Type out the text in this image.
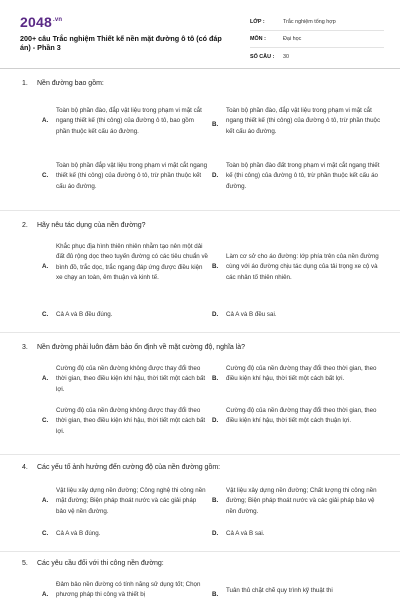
$2048^{.vn}$
200+ câu Trắc nghiệm Thiết kế nền mặt đường ô tô (có đáp án) - Phần 3
LỚP :	Trắc nghiệm tổng hợp
MÔN :	Đại học
SỐ CÂU :	30
1. Nền đường bao gồm:
A.
Toàn bộ phần đào, đắp vật liệu trong phạm vi mặt cắt ngang thiết kế (thi công) của đường ô tô, bao gồm phần thuộc kết cấu áo đường.
B.
Toàn bộ phần đào, đắp vật liệu trong phạm vi mặt cắt ngang thiết kế (thi công) của đường ô tô, trừ phần thuộc kết cấu áo đường.
C.
Toàn bộ phần đắp vật liệu trong phạm vi mặt cắt ngang thiết kế (thi công) của đường ô tô, trừ phần thuộc kết cấu áo đường.
D.
Toàn bộ phần đào đất trong phạm vi mặt cắt ngang thiết kế (thi công) của đường ô tô, trừ phần thuộc kết cấu áo đường.
2. Hãy nêu tác dụng của nền đường?
A.
Khắc phục địa hình thiên nhiên nhằm tạo nên một dải đất đủ rộng dọc theo tuyến đường có các tiêu chuẩn về bình đồ, trắc dọc, trắc ngang đáp ứng được điều kiện xe chạy an toàn, êm thuận và kinh tế.
B.
Làm cơ sở cho áo đường: lớp phía trên của nền đường cùng với áo đường chịu tác dụng của tải trọng xe cộ và các nhân tố thiên nhiên.
C. Cả A và B đều đúng.	D. Cả A và B đều sai.
3. Nền đường phải luôn đảm bảo ổn định về mặt cường độ, nghĩa là?
A.
Cường độ của nền đường không được thay đổi theo thời gian, theo điều kiện khí hậu, thời tiết một cách bất lợi.
B.
Cường độ của nền đường thay đổi theo thời gian, theo điều kiện khí hậu, thời tiết một cách bất lợi.
C.
Cường độ của nền đường không được thay đổi theo thời gian, theo điều kiện khí hậu, thời tiết một cách bất lợi.
D.
Cường độ của nền đường thay đổi theo thời gian, theo điều kiện khí hậu, thời tiết một cách thuận lợi.
4. Các yếu tố ảnh hưởng đến cường độ của nền đường gồm:
A.
Vật liệu xây dựng nền đường; Công nghệ thi công nền mặt đường; Biện pháp thoát nước và các giải pháp bảo vệ nền đường.
B.
Vật liệu xây dựng nền đường; Chất lượng thi công nền đường; Biện pháp thoát nước và các giải pháp bảo vệ nền đường.
C. Cả A và B đúng.	D. Cả A và B sai.
5. Các yêu cầu đối với thi công nền đường:
A.
Đảm bảo nền đường có tính năng sử dụng tốt; Chọn phương pháp thi công và thiết bị	B.
Tuân thủ chặt chẽ quy trình kỹ thuật thi
